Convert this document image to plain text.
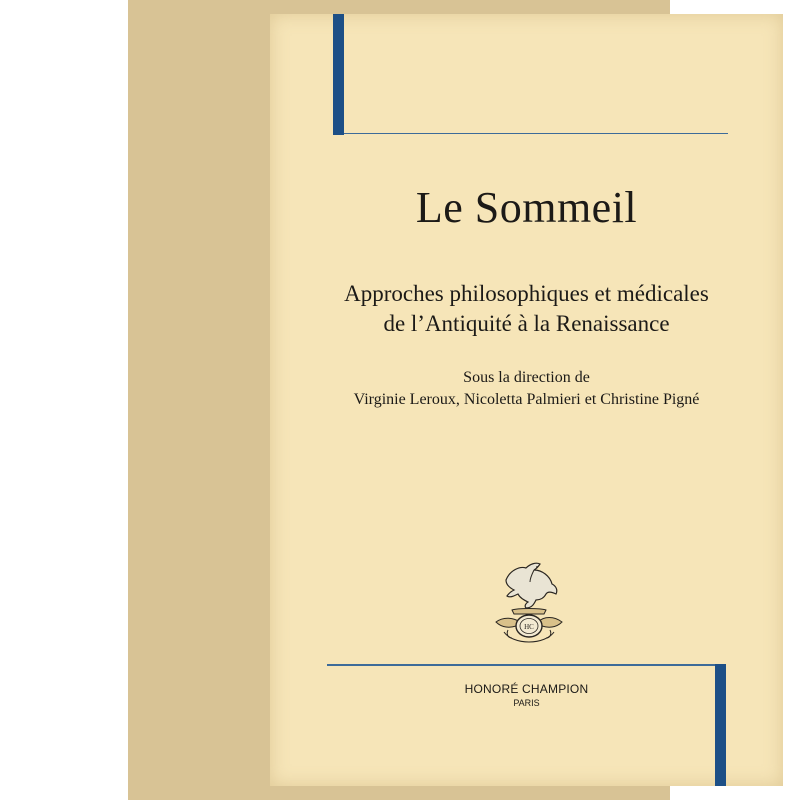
Le Sommeil
Approches philosophiques et médicales
de l’Antiquité à la Renaissance
Sous la direction de
Virginie Leroux, Nicoletta Palmieri et Christine Pigné
HC
HONORÉ CHAMPION
PARIS
